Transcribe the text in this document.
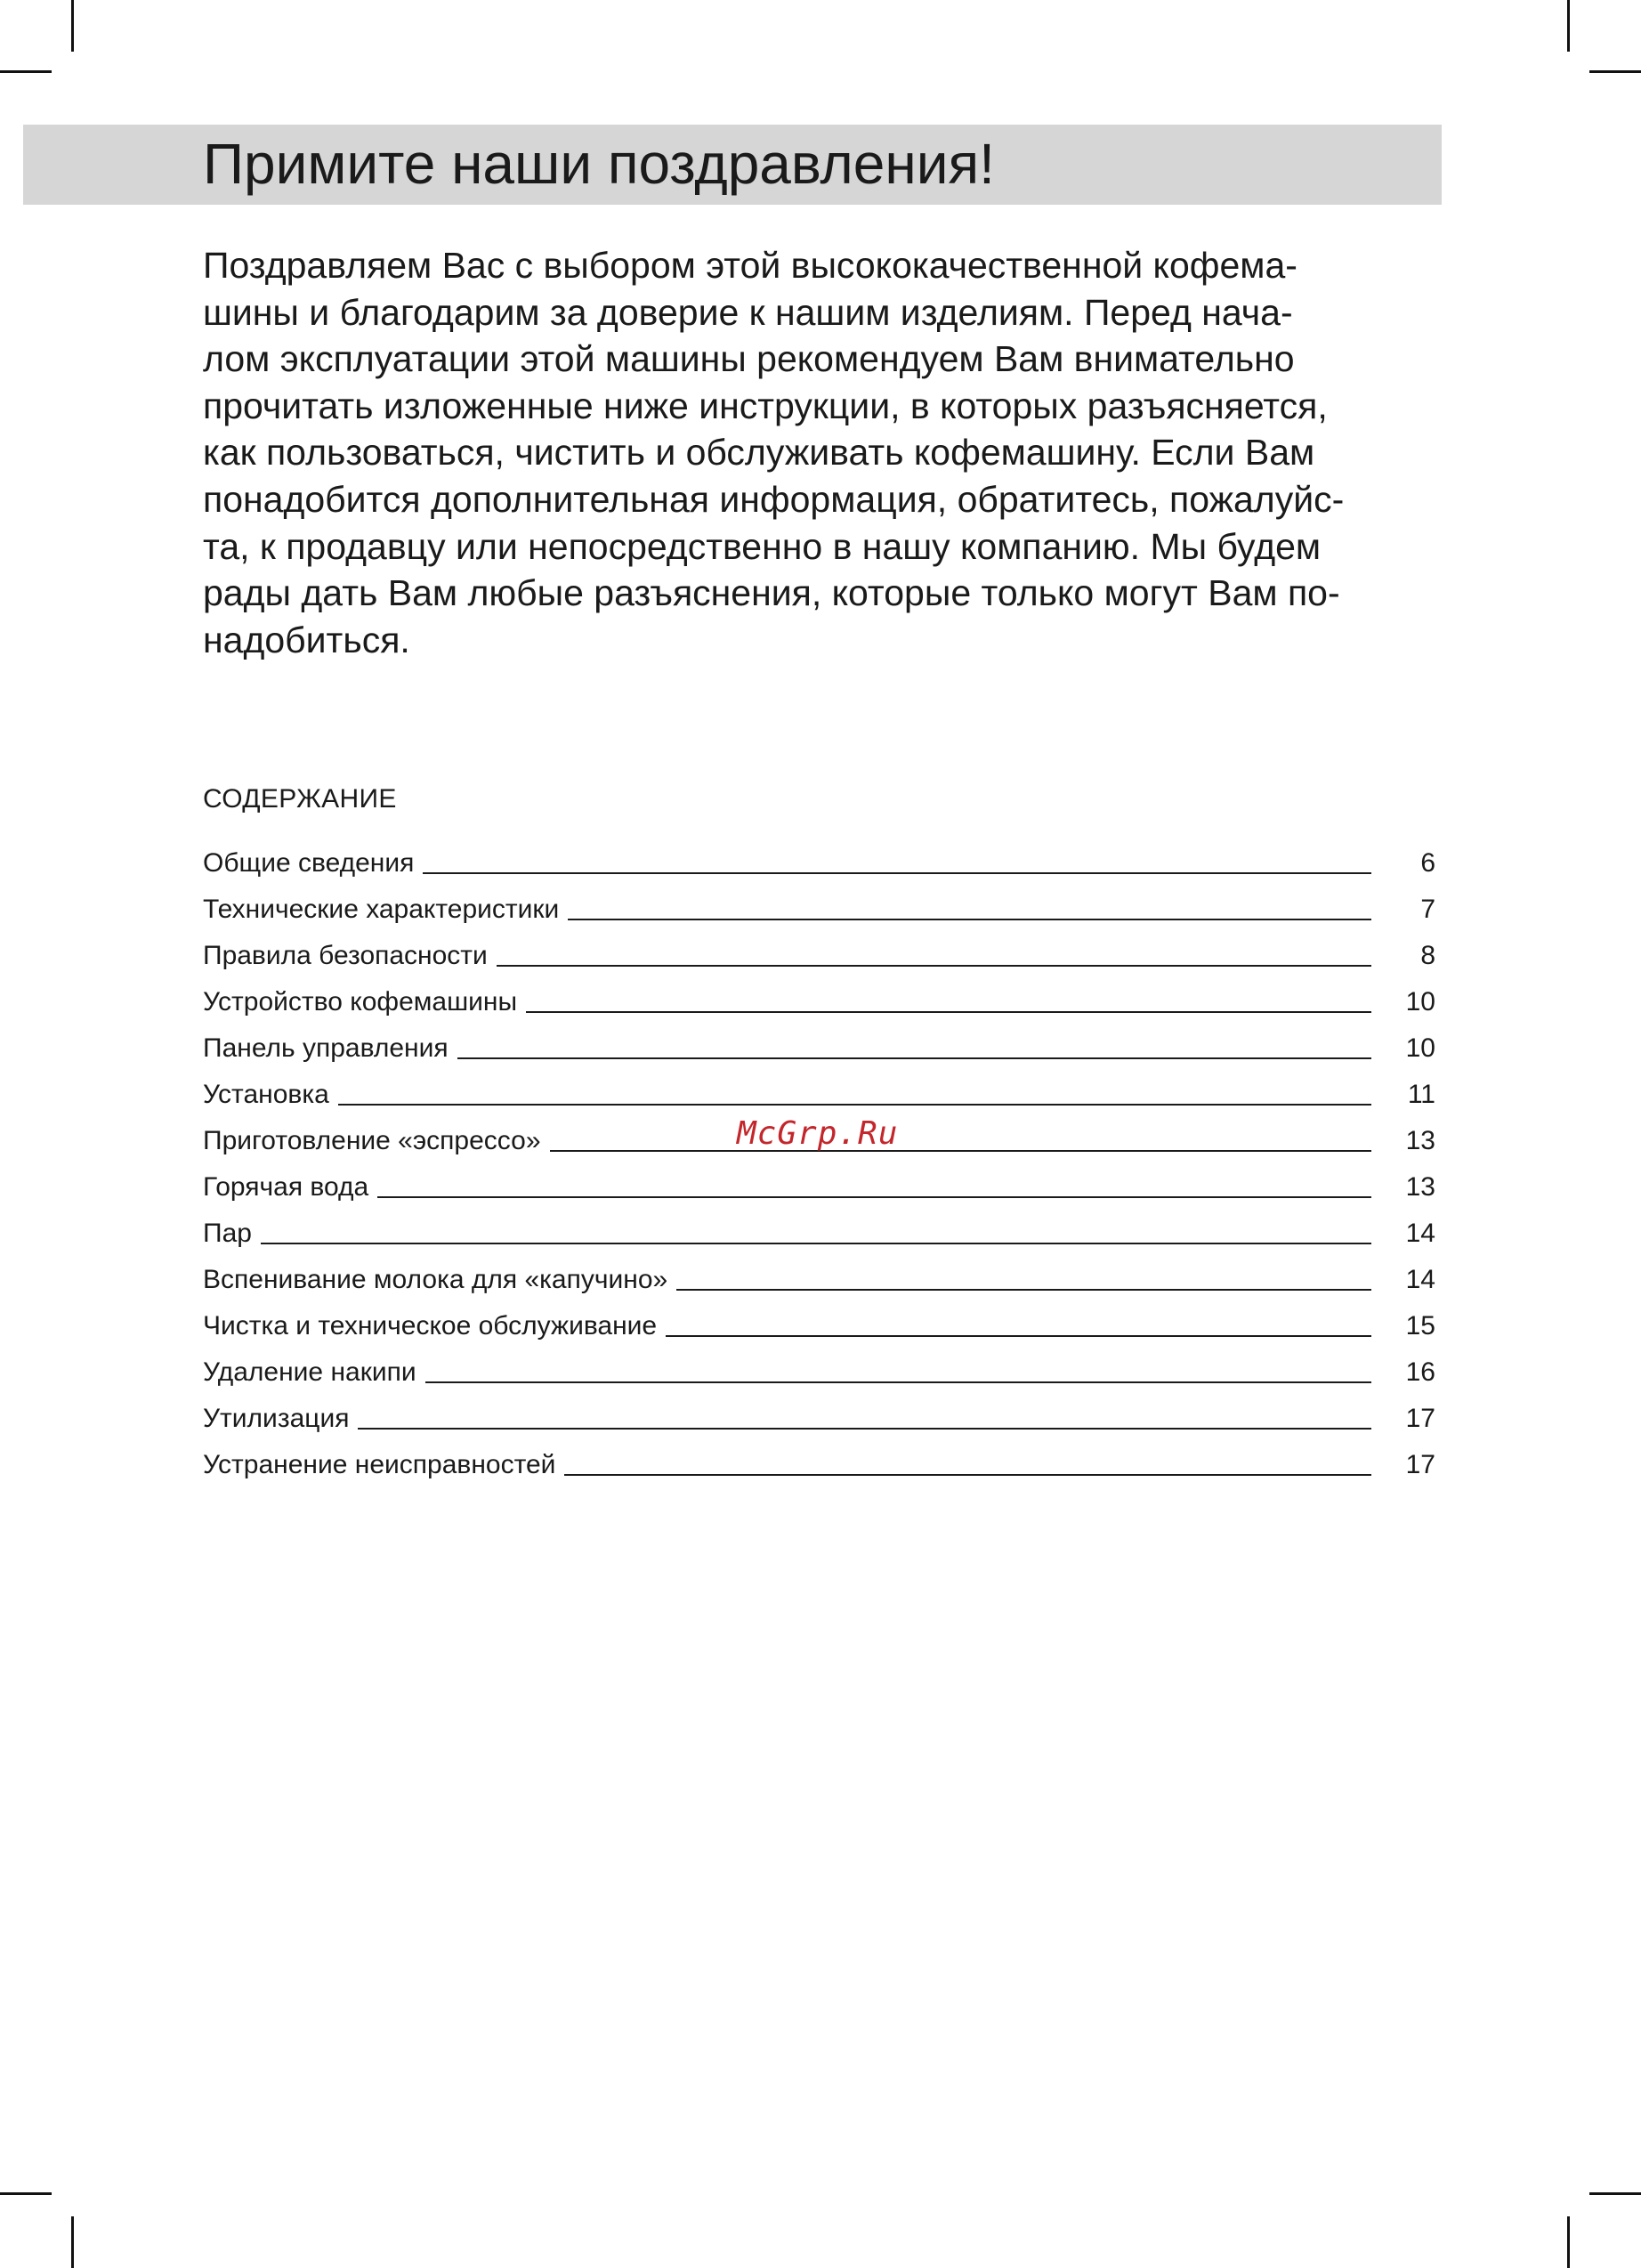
Примите наши поздравления!

Поздравляем Вас с выбором этой высококачественной кофема-
шины и благодарим за доверие к нашим изделиям. Перед нача-
лом эксплуатации этой машины рекомендуем Вам внимательно
прочитать изложенные ниже инструкции, в которых разъясняется,
как пользоваться, чистить и обслуживать кофемашину. Если Вам
понадобится дополнительная информация, обратитесь, пожалуйс-
та, к продавцу или непосредственно в нашу компанию. Мы будем
рады дать Вам любые разъяснения, которые только могут Вам по-
надобиться.

СОДЕРЖАНИЕ
Общие сведения	6
Технические характеристики	7
Правила безопасности	8
Устройство кофемашины	10
Панель управления	10
Установка	11
Приготовление «эспрессо»	13
Горячая вода	13
Пар	14
Вспенивание молока для «капучино»	14
Чистка и техническое обслуживание	15
Удаление накипи	16
Утилизация	17
Устранение неисправностей	17
McGrp.Ru
